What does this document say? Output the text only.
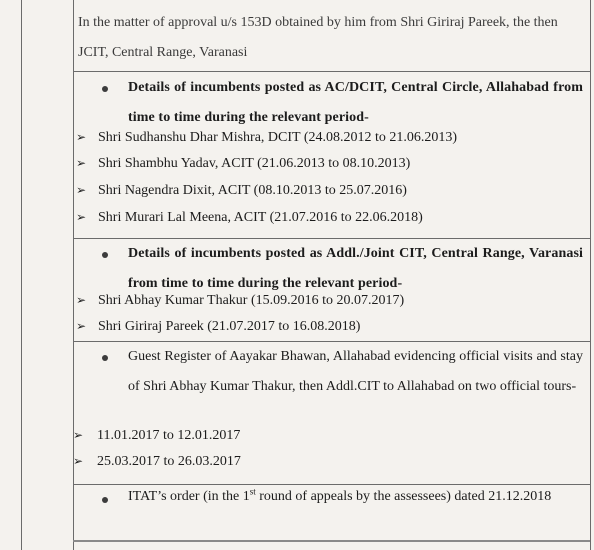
In the matter of approval u/s 153D obtained by him from Shri Giriraj Pareek, the then JCIT, Central Range, Varanasi
Details of incumbents posted as AC/DCIT, Central Circle, Allahabad from time to time during the relevant period-
➢ Shri Sudhanshu Dhar Mishra, DCIT (24.08.2012 to 21.06.2013)
➢ Shri Shambhu Yadav, ACIT (21.06.2013 to 08.10.2013)
➢ Shri Nagendra Dixit, ACIT (08.10.2013 to 25.07.2016)
➢ Shri Murari Lal Meena, ACIT (21.07.2016 to 22.06.2018)
Details of incumbents posted as Addl./Joint CIT, Central Range, Varanasi from time to time during the relevant period-
➢ Shri Abhay Kumar Thakur (15.09.2016 to 20.07.2017)
➢ Shri Giriraj Pareek (21.07.2017 to 16.08.2018)
Guest Register of Aayakar Bhawan, Allahabad evidencing official visits and stay of Shri Abhay Kumar Thakur, then Addl.CIT to Allahabad on two official tours-
➢ 11.01.2017 to 12.01.2017
➢ 25.03.2017 to 26.03.2017
ITAT’s order (in the 1st round of appeals by the assessees) dated 21.12.2018
